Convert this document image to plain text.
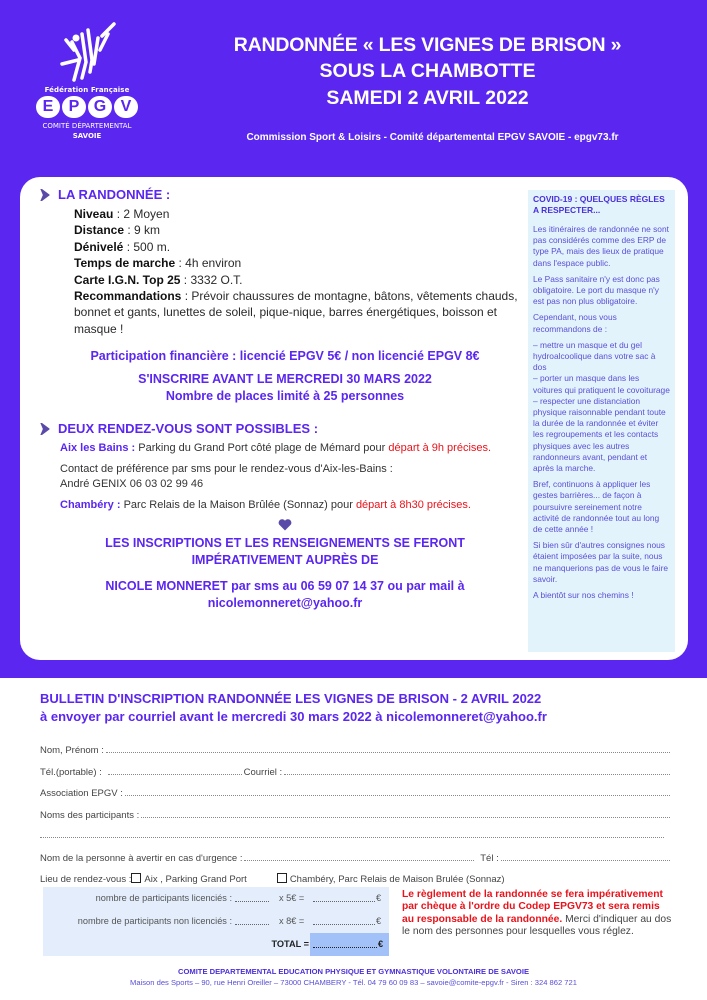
Fédération Française
E P G V
COMITÉ DÉPARTEMENTAL
SAVOIE
RANDONNÉE « LES VIGNES DE BRISON »
SOUS LA CHAMBOTTE
SAMEDI 2 AVRIL 2022
Commission Sport & Loisirs - Comité départemental EPGV SAVOIE - epgv73.fr
LA RANDONNÉE :
Niveau : 2 Moyen
Distance : 9 km
Dénivelé : 500 m.
Temps de marche : 4h environ
Carte I.G.N. Top 25 : 3332 O.T.
Recommandations : Prévoir chaussures de montagne, bâtons, vêtements chauds, bonnet et gants, lunettes de soleil, pique-nique, barres énergétiques, boisson et masque !
Participation financière : licencié EPGV 5€ / non licencié EPGV 8€
S'INSCRIRE AVANT LE MERCREDI 30 MARS 2022
Nombre de places limité à 25 personnes
DEUX RENDEZ-VOUS SONT POSSIBLES :

Aix les Bains : Parking du Grand Port côté plage de Mémard pour départ à 9h précises.

Contact de préférence par sms pour le rendez-vous d'Aix-les-Bains :
André GENIX 06 03 02 99 46

Chambéry : Parc Relais de la Maison Brûlée (Sonnaz) pour départ à 8h30 précises.

LES INSCRIPTIONS ET LES RENSEIGNEMENTS SE FERONT
IMPÉRATIVEMENT AUPRÈS DE
NICOLE MONNERET par sms au 06 59 07 14 37 ou par mail à
nicolemonneret@yahoo.fr
COVID-19 : QUELQUES RÈGLES A RESPECTER...

Les itinéraires de randonnée ne sont pas considérés comme des ERP de type PA, mais des lieux de pratique dans l'espace public.

Le Pass sanitaire n'y est donc pas obligatoire. Le port du masque n'y est pas non plus obligatoire.

Cependant, nous vous recommandons de :

– mettre un masque et du gel hydroalcoolique dans votre sac à dos
– porter un masque dans les voitures qui pratiquent le covoiturage
– respecter une distanciation physique raisonnable pendant toute la durée de la randonnée et éviter les regroupements et les contacts physiques avec les autres randonneurs avant, pendant et après la marche.

Bref, continuons à appliquer les gestes barrières... de façon à poursuivre sereinement notre activité de randonnée tout au long de cette année !

Si bien sûr d'autres consignes nous étaient imposées par la suite, nous ne manquerions pas de vous le faire savoir.

A bientôt sur nos chemins !

BULLETIN D'INSCRIPTION RANDONNÉE LES VIGNES DE BRISON - 2 AVRIL 2022
à envoyer par courriel avant le mercredi 30 mars 2022 à nicolemonneret@yahoo.fr
Nom, Prénom :
Tél.(portable) :	Courriel :
Association EPGV :
Noms des participants :
Nom de la personne à avertir en cas d'urgence :	Tél :
Lieu de rendez-vous :	Aix , Parking Grand Port	Chambéry, Parc Relais de Maison Brulée (Sonnaz)
nombre de participants licenciés :	x 5€ =	€
nombre de participants non licenciés :	x 8€ =	€
TOTAL =	€
Le règlement de la randonnée se fera impérativement par chèque à l'ordre du Codep EPGV73 et sera remis au responsable de la randonnée. Merci d'indiquer au dos le nom des personnes pour lesquelles vous réglez.
COMITE DEPARTEMENTAL EDUCATION PHYSIQUE ET GYMNASTIQUE VOLONTAIRE DE SAVOIE
Maison des Sports – 90, rue Henri Oreiller – 73000 CHAMBERY - Tél. 04 79 60 09 83 – savoie@comite-epgv.fr - Siren : 324 862 721
